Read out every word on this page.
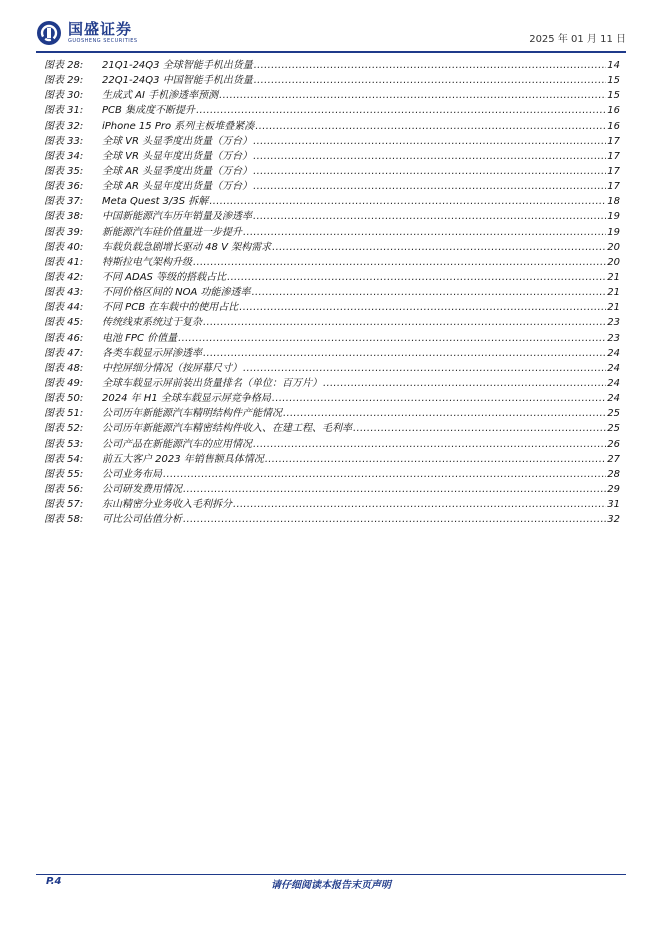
国盛证券
GUOSHENG SECURITIES	2025 年 01 月 11 日
图表 28:	21Q1-24Q3 全球智能手机出货量 .....	14
图表 29:	22Q1-24Q3 中国智能手机出货量 .....	15
图表 30:	生成式 AI 手机渗透率预测 .....	15
图表 31:	PCB 集成度不断提升 .....	16
图表 32:	iPhone 15 Pro 系列主板堆叠紧凑 .....	16
图表 33:	全球 VR 头显季度出货量（万台） .....	17
图表 34:	全球 VR 头显年度出货量（万台） .....	17
图表 35:	全球 AR 头显季度出货量（万台） .....	17
图表 36:	全球 AR 头显年度出货量（万台） .....	17
图表 37:	Meta Quest 3/3S 拆解 .....	18
图表 38:	中国新能源汽车历年销量及渗透率 .....	19
图表 39:	新能源汽车硅价值量进一步提升 .....	19
图表 40:	车载负载急剧增长驱动 48 V 架构需求 .....	20
图表 41:	特斯拉电气架构升级 .....	20
图表 42:	不同 ADAS 等级的搭载占比 .....	21
图表 43:	不同价格区间的 NOA 功能渗透率 .....	21
图表 44:	不同 PCB 在车载中的使用占比 .....	21
图表 45:	传统线束系统过于复杂 .....	23
图表 46:	电池 FPC 价值量 .....	23
图表 47:	各类车载显示屏渗透率 .....	24
图表 48:	中控屏细分情况（按屏幕尺寸） .....	24
图表 49:	全球车载显示屏前装出货量排名（单位：百万片） .....	24
图表 50:	2024 年 H1 全球车载显示屏竞争格局 .....	24
图表 51:	公司历年新能源汽车精明结构件产能情况 .....	25
图表 52:	公司历年新能源汽车精密结构件收入、在建工程、毛利率 .....	25
图表 53:	公司产品在新能源汽车的应用情况 .....	26
图表 54:	前五大客户 2023 年销售额具体情况 .....	27
图表 55:	公司业务布局 .....	28
图表 56:	公司研发费用情况 .....	29
图表 57:	东山精密分业务收入毛利拆分 .....	31
图表 58:	可比公司估值分析 .....	32
请仔细阅读本报告末页声明
P.4
